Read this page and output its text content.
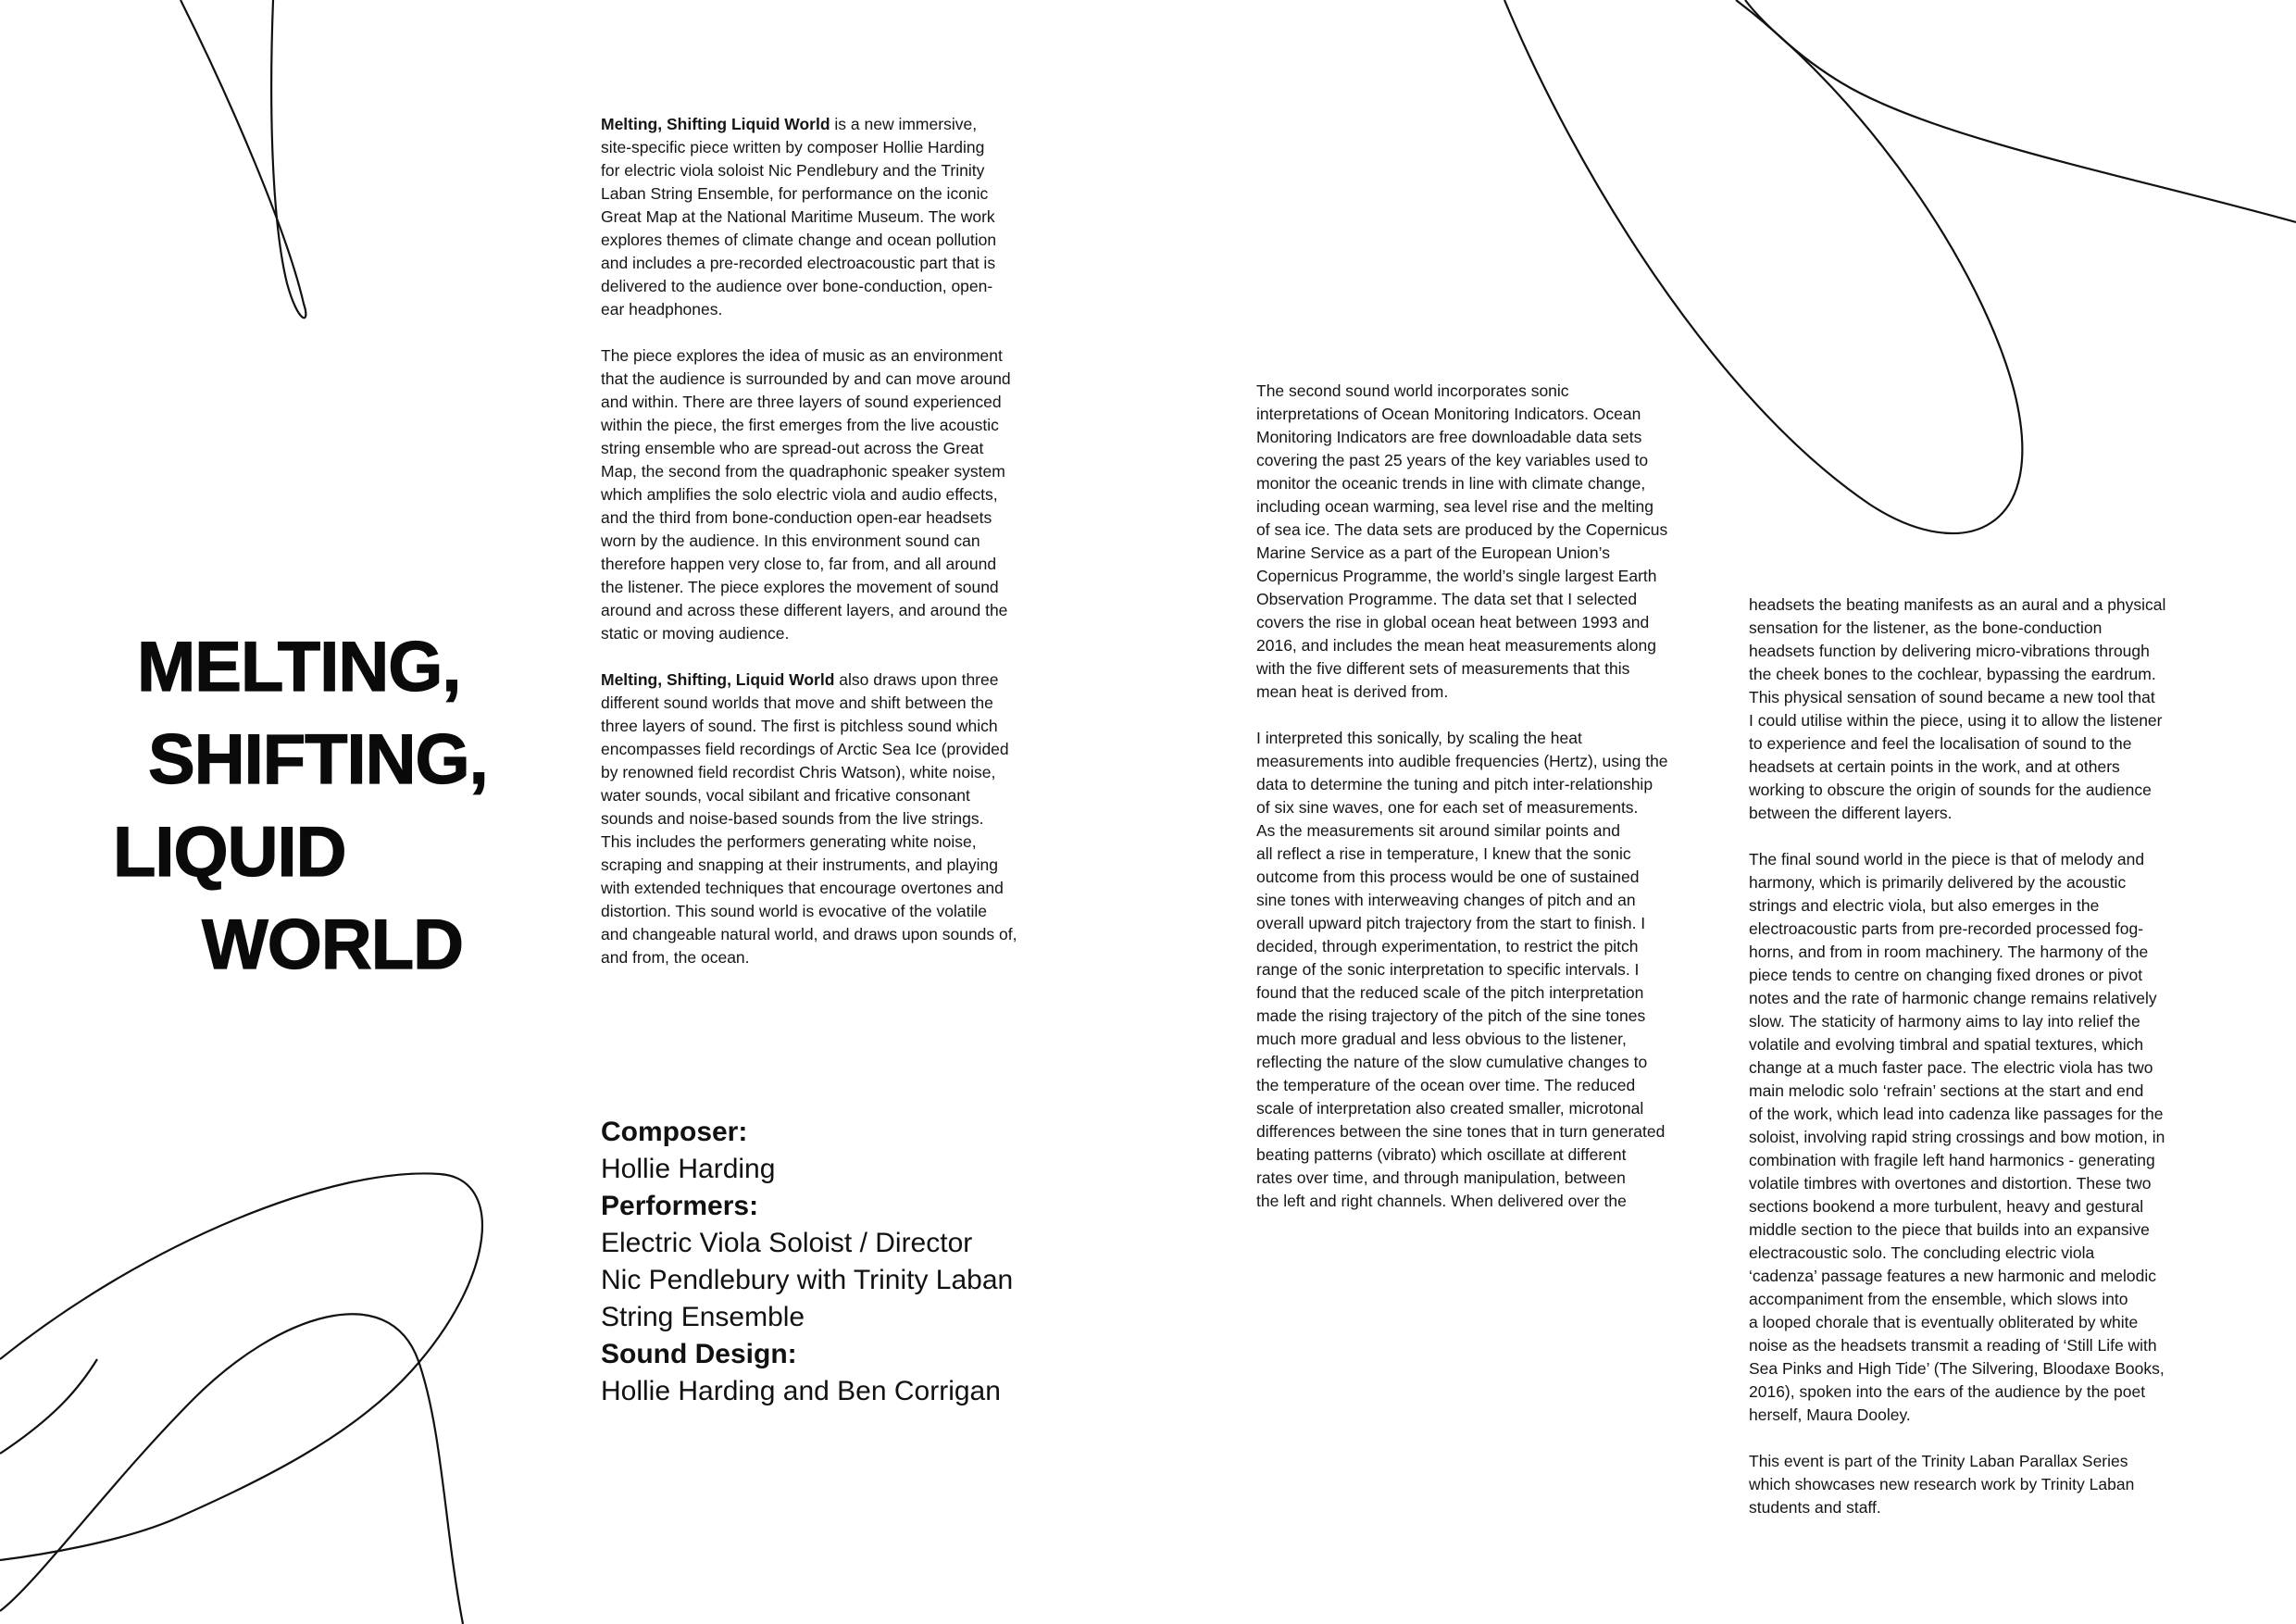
MELTING,
SHIFTING,
LIQUID
WORLD
Melting, Shifting Liquid World is a new immersive,
site-specific piece written by composer Hollie Harding
for electric viola soloist Nic Pendlebury and the Trinity
Laban String Ensemble, for performance on the iconic
Great Map at the National Maritime Museum. The work
explores themes of climate change and ocean pollution
and includes a pre-recorded electroacoustic part that is
delivered to the audience over bone-conduction, open-
ear headphones.
The piece explores the idea of music as an environment
that the audience is surrounded by and can move around
and within. There are three layers of sound experienced
within the piece, the first emerges from the live acoustic
string ensemble who are spread-out across the Great
Map, the second from the quadraphonic speaker system
which amplifies the solo electric viola and audio effects,
and the third from bone-conduction open-ear headsets
worn by the audience. In this environment sound can
therefore happen very close to, far from, and all around
the listener. The piece explores the movement of sound
around and across these different layers, and around the
static or moving audience.
Melting, Shifting, Liquid World also draws upon three
different sound worlds that move and shift between the
three layers of sound. The first is pitchless sound which
encompasses field recordings of Arctic Sea Ice (provided
by renowned field recordist Chris Watson), white noise,
water sounds, vocal sibilant and fricative consonant
sounds and noise-based sounds from the live strings.
This includes the performers generating white noise,
scraping and snapping at their instruments, and playing
with extended techniques that encourage overtones and
distortion. This sound world is evocative of the volatile
and changeable natural world, and draws upon sounds of,
and from, the ocean.
Composer:
Hollie Harding
Performers:
Electric Viola Soloist / Director
Nic Pendlebury with Trinity Laban
String Ensemble
Sound Design:
Hollie Harding and Ben Corrigan
The second sound world incorporates sonic
interpretations of Ocean Monitoring Indicators. Ocean
Monitoring Indicators are free downloadable data sets
covering the past 25 years of the key variables used to
monitor the oceanic trends in line with climate change,
including ocean warming, sea level rise and the melting
of sea ice. The data sets are produced by the Copernicus
Marine Service as a part of the European Union’s
Copernicus Programme, the world’s single largest Earth
Observation Programme. The data set that I selected
covers the rise in global ocean heat between 1993 and
2016, and includes the mean heat measurements along
with the five different sets of measurements that this
mean heat is derived from.
I interpreted this sonically, by scaling the heat
measurements into audible frequencies (Hertz), using the
data to determine the tuning and pitch inter-relationship
of six sine waves, one for each set of measurements.
As the measurements sit around similar points and
all reflect a rise in temperature, I knew that the sonic
outcome from this process would be one of sustained
sine tones with interweaving changes of pitch and an
overall upward pitch trajectory from the start to finish. I
decided, through experimentation, to restrict the pitch
range of the sonic interpretation to specific intervals. I
found that the reduced scale of the pitch interpretation
made the rising trajectory of the pitch of the sine tones
much more gradual and less obvious to the listener,
reflecting the nature of the slow cumulative changes to
the temperature of the ocean over time. The reduced
scale of interpretation also created smaller, microtonal
differences between the sine tones that in turn generated
beating patterns (vibrato) which oscillate at different
rates over time, and through manipulation, between
the left and right channels. When delivered over the
headsets the beating manifests as an aural and a physical
sensation for the listener, as the bone-conduction
headsets function by delivering micro-vibrations through
the cheek bones to the cochlear, bypassing the eardrum.
This physical sensation of sound became a new tool that
I could utilise within the piece, using it to allow the listener
to experience and feel the localisation of sound to the
headsets at certain points in the work, and at others
working to obscure the origin of sounds for the audience
between the different layers.
The final sound world in the piece is that of melody and
harmony, which is primarily delivered by the acoustic
strings and electric viola, but also emerges in the
electroacoustic parts from pre-recorded processed fog-
horns, and from in room machinery. The harmony of the
piece tends to centre on changing fixed drones or pivot
notes and the rate of harmonic change remains relatively
slow. The staticity of harmony aims to lay into relief the
volatile and evolving timbral and spatial textures, which
change at a much faster pace. The electric viola has two
main melodic solo ‘refrain’ sections at the start and end
of the work, which lead into cadenza like passages for the
soloist, involving rapid string crossings and bow motion, in
combination with fragile left hand harmonics - generating
volatile timbres with overtones and distortion. These two
sections bookend a more turbulent, heavy and gestural
middle section to the piece that builds into an expansive
electracoustic solo. The concluding electric viola
‘cadenza’ passage features a new harmonic and melodic
accompaniment from the ensemble, which slows into
a looped chorale that is eventually obliterated by white
noise as the headsets transmit a reading of ‘Still Life with
Sea Pinks and High Tide’ (The Silvering, Bloodaxe Books,
2016), spoken into the ears of the audience by the poet
herself, Maura Dooley.
This event is part of the Trinity Laban Parallax Series
which showcases new research work by Trinity Laban
students and staff.
